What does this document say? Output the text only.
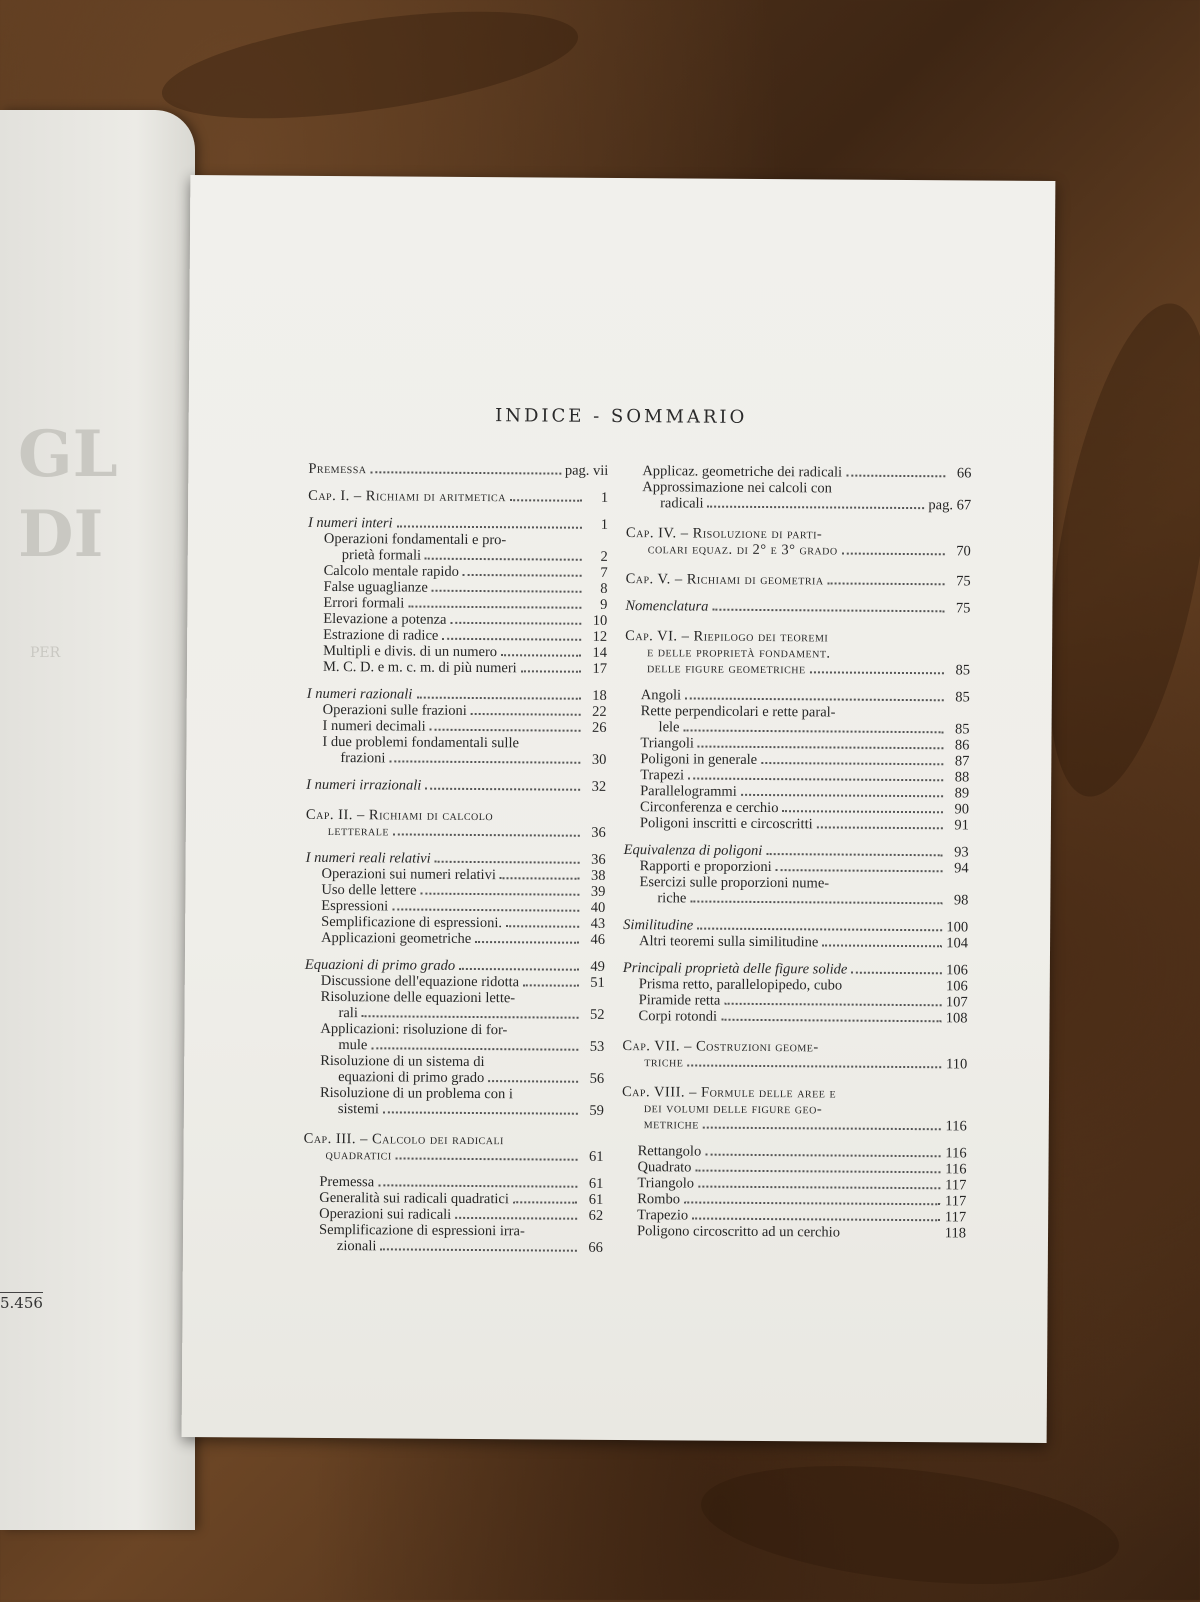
GL
DI
PER
5.456
INDICE - SOMMARIO
Premessa	pag. vii
Cap. I. – Richiami di aritmetica	1
I numeri interi	1
Operazioni fondamentali e pro-
prietà formali	2
Calcolo mentale rapido	7
False uguaglianze	8
Errori formali	9
Elevazione a potenza	10
Estrazione di radice	12
Multipli e divis. di un numero	14
M. C. D. e m. c. m. di più numeri	17
I numeri razionali	18
Operazioni sulle frazioni	22
I numeri decimali	26
I due problemi fondamentali sulle
frazioni	30
I numeri irrazionali	32
Cap. II. – Richiami di calcolo
letterale	36
I numeri reali relativi	36
Operazioni sui numeri relativi	38
Uso delle lettere	39
Espressioni	40
Semplificazione di espressioni.	43
Applicazioni geometriche	46
Equazioni di primo grado	49
Discussione dell'equazione ridotta	51
Risoluzione delle equazioni lette-
rali	52
Applicazioni: risoluzione di for-
mule	53
Risoluzione di un sistema di
equazioni di primo grado	56
Risoluzione di un problema con i
sistemi	59
Cap. III. – Calcolo dei radicali
quadratici	61
Premessa	61
Generalità sui radicali quadratici	61
Operazioni sui radicali	62
Semplificazione di espressioni irra-
zionali	66
Applicaz. geometriche dei radicali	66
Approssimazione nei calcoli con
radicali	pag. 67
Cap. IV. – Risoluzione di parti-
colari equaz. di 2° e 3° grado	70
Cap. V. – Richiami di geometria	75
Nomenclatura	75
Cap. VI. – Riepilogo dei teoremi
e delle proprietà fondament.
delle figure geometriche	85
Angoli	85
Rette perpendicolari e rette paral-
lele	85
Triangoli	86
Poligoni in generale	87
Trapezi	88
Parallelogrammi	89
Circonferenza e cerchio	90
Poligoni inscritti e circoscritti	91
Equivalenza di poligoni	93
Rapporti e proporzioni	94
Esercizi sulle proporzioni nume-
riche	98
Similitudine	100
Altri teoremi sulla similitudine	104
Principali proprietà delle figure solide	106
Prisma retto, parallelopipedo, cubo	106
Piramide retta	107
Corpi rotondi	108
Cap. VII. – Costruzioni geome-
triche	110
Cap. VIII. – Formule delle aree e
dei volumi delle figure geo-
metriche	116
Rettangolo	116
Quadrato	116
Triangolo	117
Rombo	117
Trapezio	117
Poligono circoscritto ad un cerchio	118
